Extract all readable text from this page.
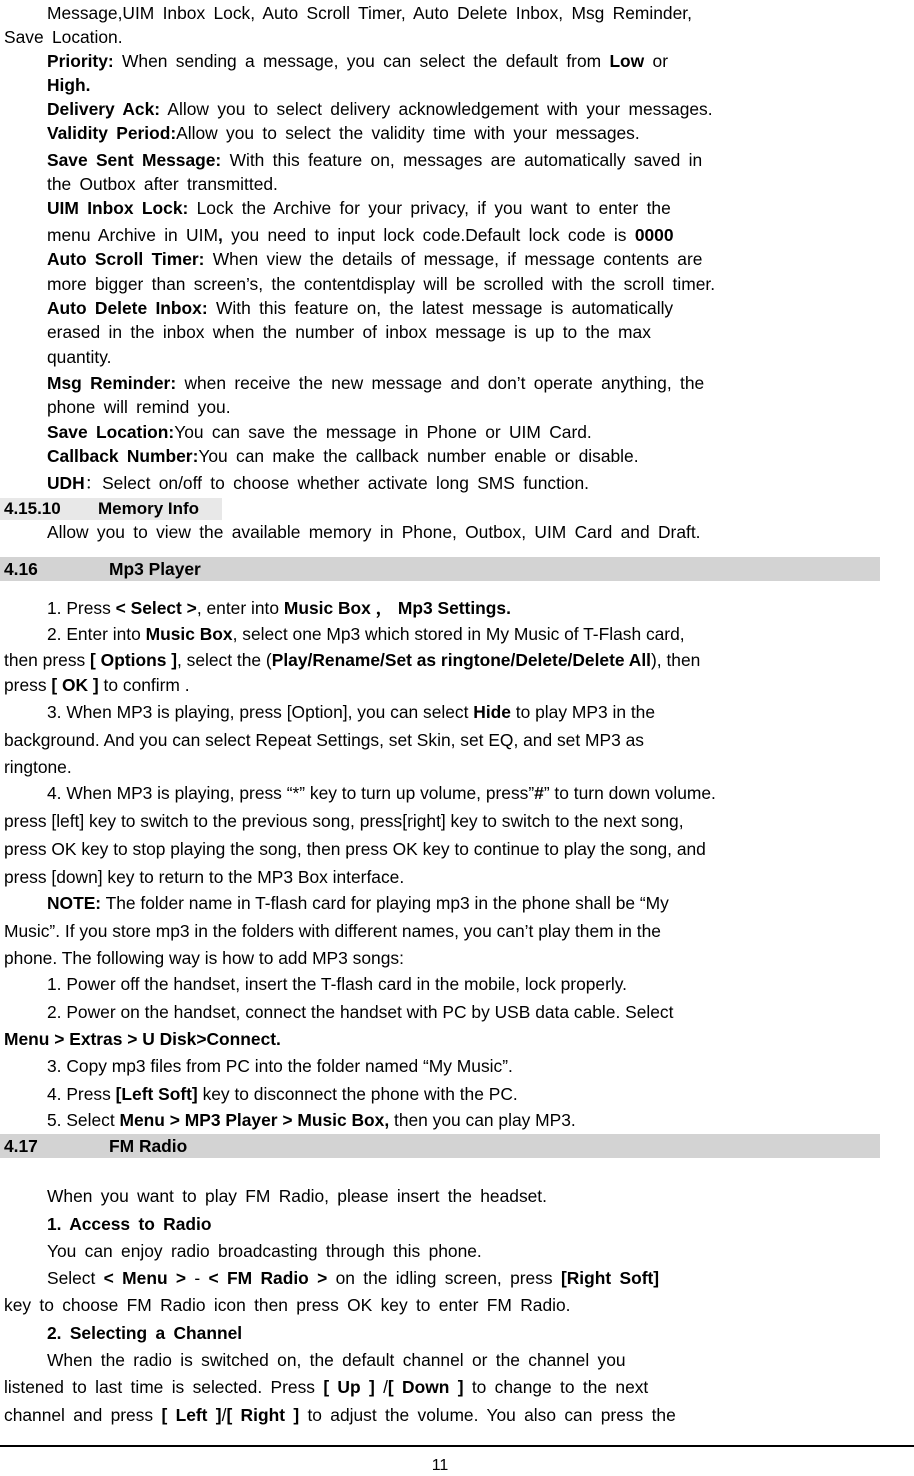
Message,UIM Inbox Lock, Auto Scroll Timer, Auto Delete Inbox, Msg Reminder,
Save Location.
Priority: When sending a message, you can select the default from Low or
High.
Delivery Ack: Allow you to select delivery acknowledgement with your messages.
Validity Period:Allow you to select the validity time with your messages.
Save Sent Message: With this feature on, messages are automatically saved in
the Outbox after transmitted.
UIM Inbox Lock: Lock the Archive for your privacy, if you want to enter the
menu Archive in UIM, you need to input lock code.Default lock code is 0000
Auto Scroll Timer: When view the details of message, if message contents are
more bigger than screen’s, the contentdisplay will be scrolled with the scroll timer.
Auto Delete Inbox: With this feature on, the latest message is automatically
erased in the inbox when the number of inbox message is up to the max
quantity.
Msg Reminder: when receive the new message and don’t operate anything, the
phone will remind you.
Save Location:You can save the message in Phone or UIM Card.
Callback Number:You can make the callback number enable or disable.
UDH：Select on/off to choose whether activate long SMS function.
4.15.10 Memory Info
Allow you to view the available memory in Phone, Outbox, UIM Card and Draft.
4.16	Mp3 Player
1. Press < Select >, enter into Music Box ， Mp3 Settings.
2. Enter into Music Box, select one Mp3 which stored in My Music of T-Flash card,
then press [ Options ], select the (Play/Rename/Set as ringtone/Delete/Delete All), then
press [ OK ] to confirm .
3. When MP3 is playing, press [Option], you can select Hide to play MP3 in the
background. And you can select Repeat Settings, set Skin, set EQ, and set MP3 as
ringtone.
4. When MP3 is playing, press “*” key to turn up volume, press”#” to turn down volume.
press [left] key to switch to the previous song, press[right] key to switch to the next song,
press OK key to stop playing the song, then press OK key to continue to play the song, and
press [down] key to return to the MP3 Box interface.
NOTE: The folder name in T-flash card for playing mp3 in the phone shall be “My
Music”. If you store mp3 in the folders with different names, you can’t play them in the
phone. The following way is how to add MP3 songs:
1. Power off the handset, insert the T-flash card in the mobile, lock properly.
2. Power on the handset, connect the handset with PC by USB data cable. Select
Menu > Extras > U Disk>Connect.
3. Copy mp3 files from PC into the folder named “My Music”.
4. Press [Left Soft] key to disconnect the phone with the PC.
5. Select Menu > MP3 Player > Music Box, then you can play MP3.
4.17	FM Radio
When you want to play FM Radio, please insert the headset.
1. Access to Radio
You can enjoy radio broadcasting through this phone.
Select < Menu > - < FM Radio > on the idling screen, press [Right Soft]
key to choose FM Radio icon then press OK key to enter FM Radio.
2. Selecting a Channel
When the radio is switched on, the default channel or the channel you
listened to last time is selected. Press [ Up ] /[ Down ] to change to the next
channel and press [ Left ]/[ Right ] to adjust the volume. You also can press the
11
